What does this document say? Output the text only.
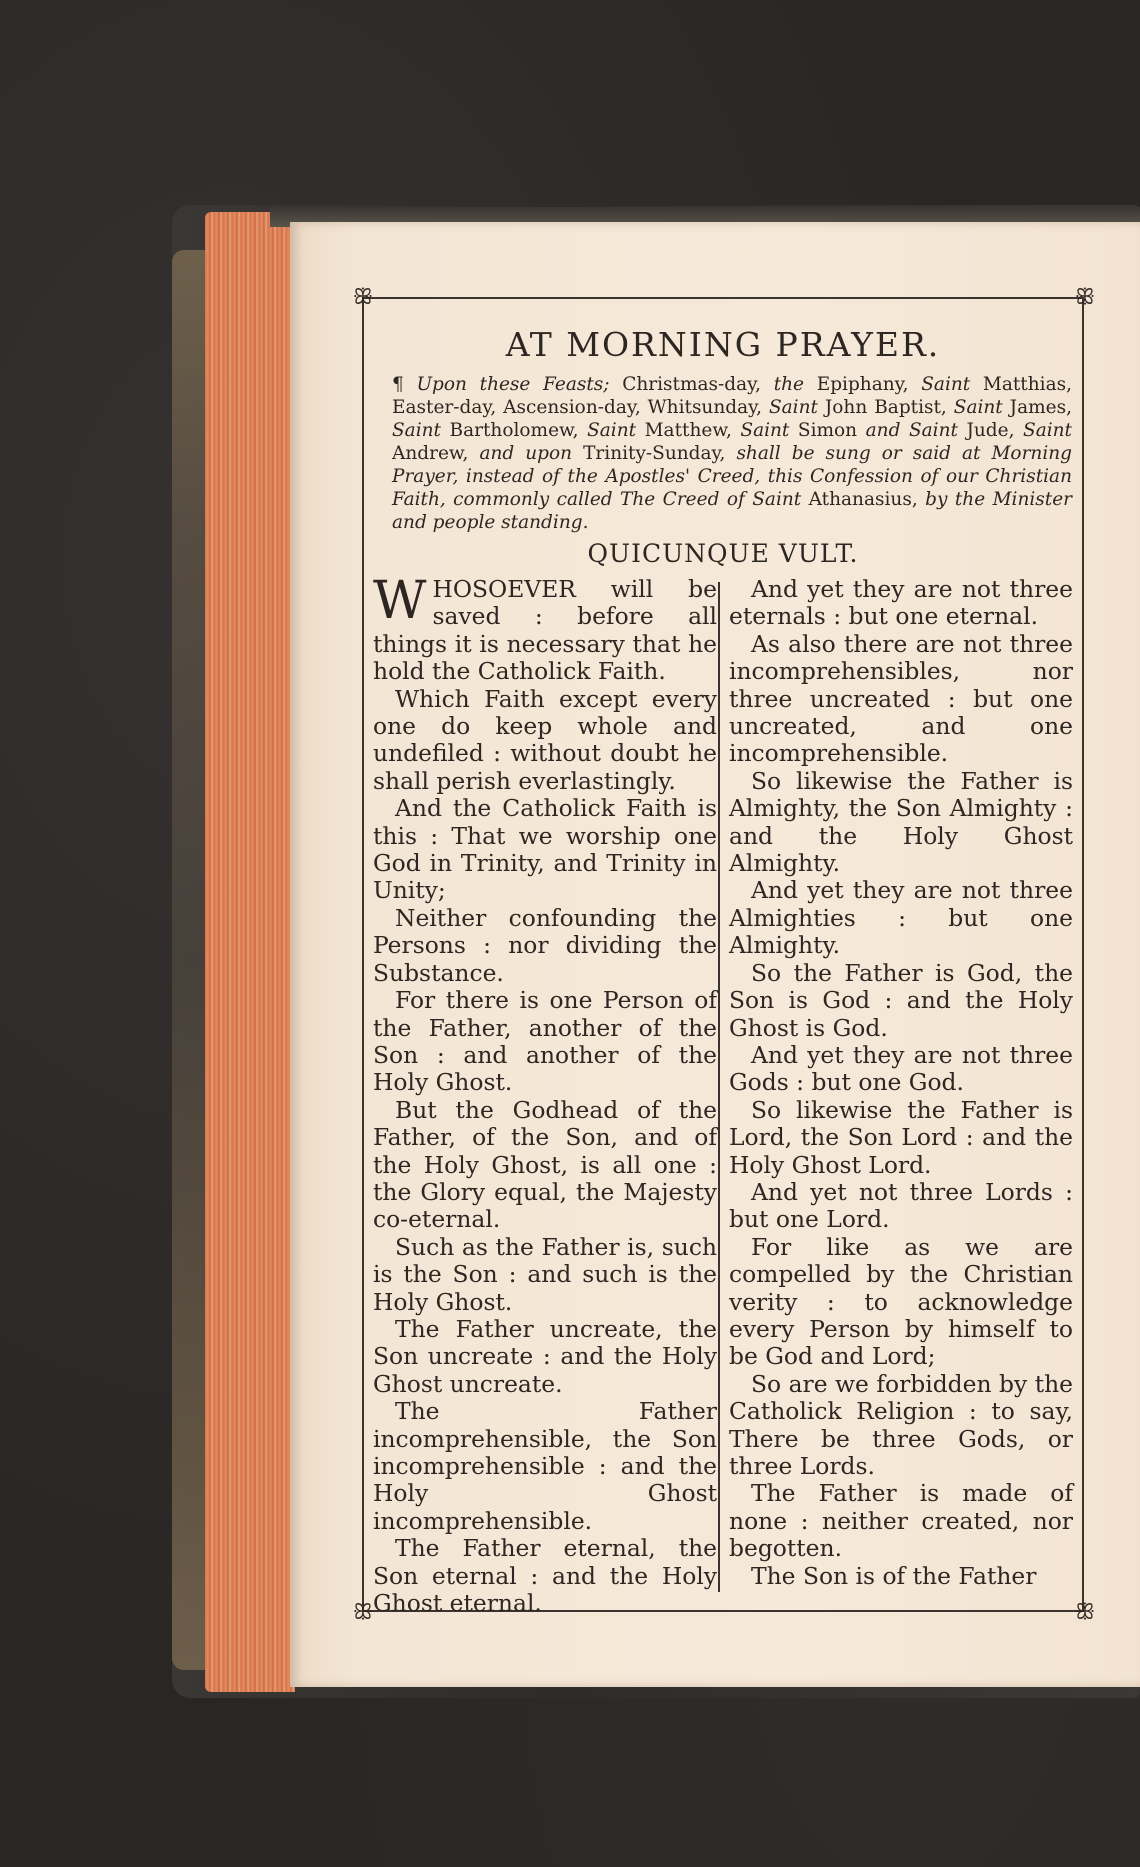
ꕥ	ꕥ
ꕥ	ꕥ
AT MORNING PRAYER.
¶ Upon these Feasts; Christmas-day, the Epiphany, Saint Matthias, Easter-day, Ascension-day, Whitsunday, Saint John Baptist, Saint James, Saint Bartholomew, Saint Matthew, Saint Simon and Saint Jude, Saint Andrew, and upon Trinity-Sunday, shall be sung or said at Morning Prayer, instead of the Apostles' Creed, this Confession of our Christian Faith, commonly called The Creed of Saint Athanasius, by the Minister and people standing.
QUICUNQUE VULT.

WHOSOEVER will be saved : before all things it is necessary that he hold the Catholick Faith.

Which Faith except every one do keep whole and undefiled : without doubt he shall perish everlastingly.

And the Catholick Faith is this : That we worship one God in Trinity, and Trinity in Unity;

Neither confounding the Persons : nor dividing the Substance.

For there is one Person of the Father, another of the Son : and another of the Holy Ghost.

But the Godhead of the Father, of the Son, and of the Holy Ghost, is all one : the Glory equal, the Majesty co-eternal.

Such as the Father is, such is the Son : and such is the Holy Ghost.

The Father uncreate, the Son uncreate : and the Holy Ghost uncreate.

The Father incomprehensible, the Son incomprehensible : and the Holy Ghost incomprehensible.

The Father eternal, the Son eternal : and the Holy Ghost eternal.

And yet they are not three eternals : but one eternal.

As also there are not three incomprehensibles, nor three uncreated : but one uncreated, and one incomprehensible.

So likewise the Father is Almighty, the Son Almighty : and the Holy Ghost Almighty.

And yet they are not three Almighties : but one Almighty.

So the Father is God, the Son is God : and the Holy Ghost is God.

And yet they are not three Gods : but one God.

So likewise the Father is Lord, the Son Lord : and the Holy Ghost Lord.

And yet not three Lords : but one Lord.

For like as we are compelled by the Christian verity : to acknowledge every Person by himself to be God and Lord;

So are we forbidden by the Catholick Religion : to say, There be three Gods, or three Lords.

The Father is made of none : neither created, nor begotten.

The Son is of the Father
